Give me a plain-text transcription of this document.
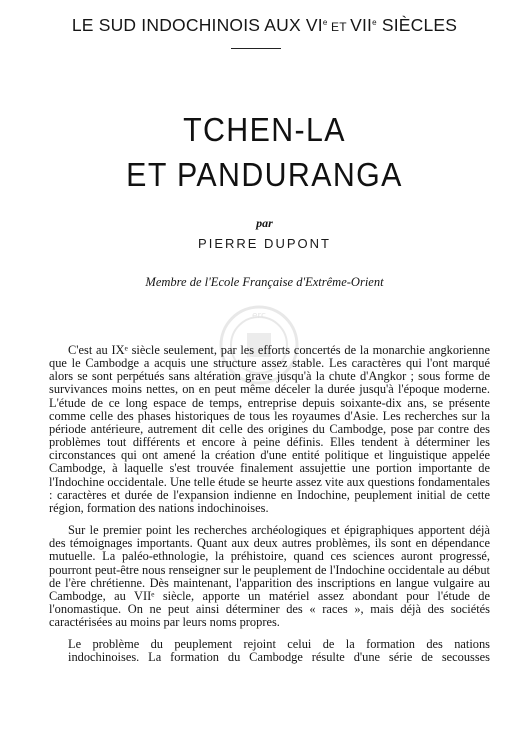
LE SUD INDOCHINOIS AUX VIe ET VIIe SIÈCLES
TCHEN-LA
ET PANDURANGA
par
PIERRE DUPONT
Membre de l'Ecole Française d'Extrême-Orient
erc

C'est au IXᵉ siècle seulement, par les efforts concertés de la monarchie angkorienne que le Cambodge a acquis une structure assez stable. Les caractères qui l'ont marqué alors se sont perpétués sans altération grave jusqu'à la chute d'Angkor ; sous forme de survivances moins nettes, on en peut même déceler la durée jusqu'à l'époque moderne. L'étude de ce long espace de temps, entreprise depuis soixante-dix ans, se présente comme celle des phases historiques de tous les royaumes d'Asie. Les recherches sur la période antérieure, autrement dit celle des origines du Cambodge, pose par contre des problèmes tout différents et encore à peine définis. Elles tendent à déterminer les circonstances qui ont amené la création d'une entité politique et linguistique appelée Cambodge, à laquelle s'est trouvée finalement assujettie une portion importante de l'Indochine occidentale. Une telle étude se heurte assez vite aux questions fondamentales : caractères et durée de l'expansion indienne en Indochine, peuplement initial de cette région, formation des nations indochinoises.

Sur le premier point les recherches archéologiques et épigraphiques apportent déjà des témoignages importants. Quant aux deux autres problèmes, ils sont en dépendance mutuelle. La paléo-ethnologie, la préhistoire, quand ces sciences auront progressé, pourront peut-être nous renseigner sur le peuplement de l'Indochine occidentale au début de l'ère chrétienne. Dès maintenant, l'apparition des inscriptions en langue vulgaire au Cambodge, au VIIᵉ siècle, apporte un matériel assez abondant pour l'étude de l'onomastique. On ne peut ainsi déterminer des « races », mais déjà des sociétés caractérisées au moins par leurs noms propres.

Le problème du peuplement rejoint celui de la formation des nations
indochinoises. La formation du Cambodge résulte d'une série de secousses
